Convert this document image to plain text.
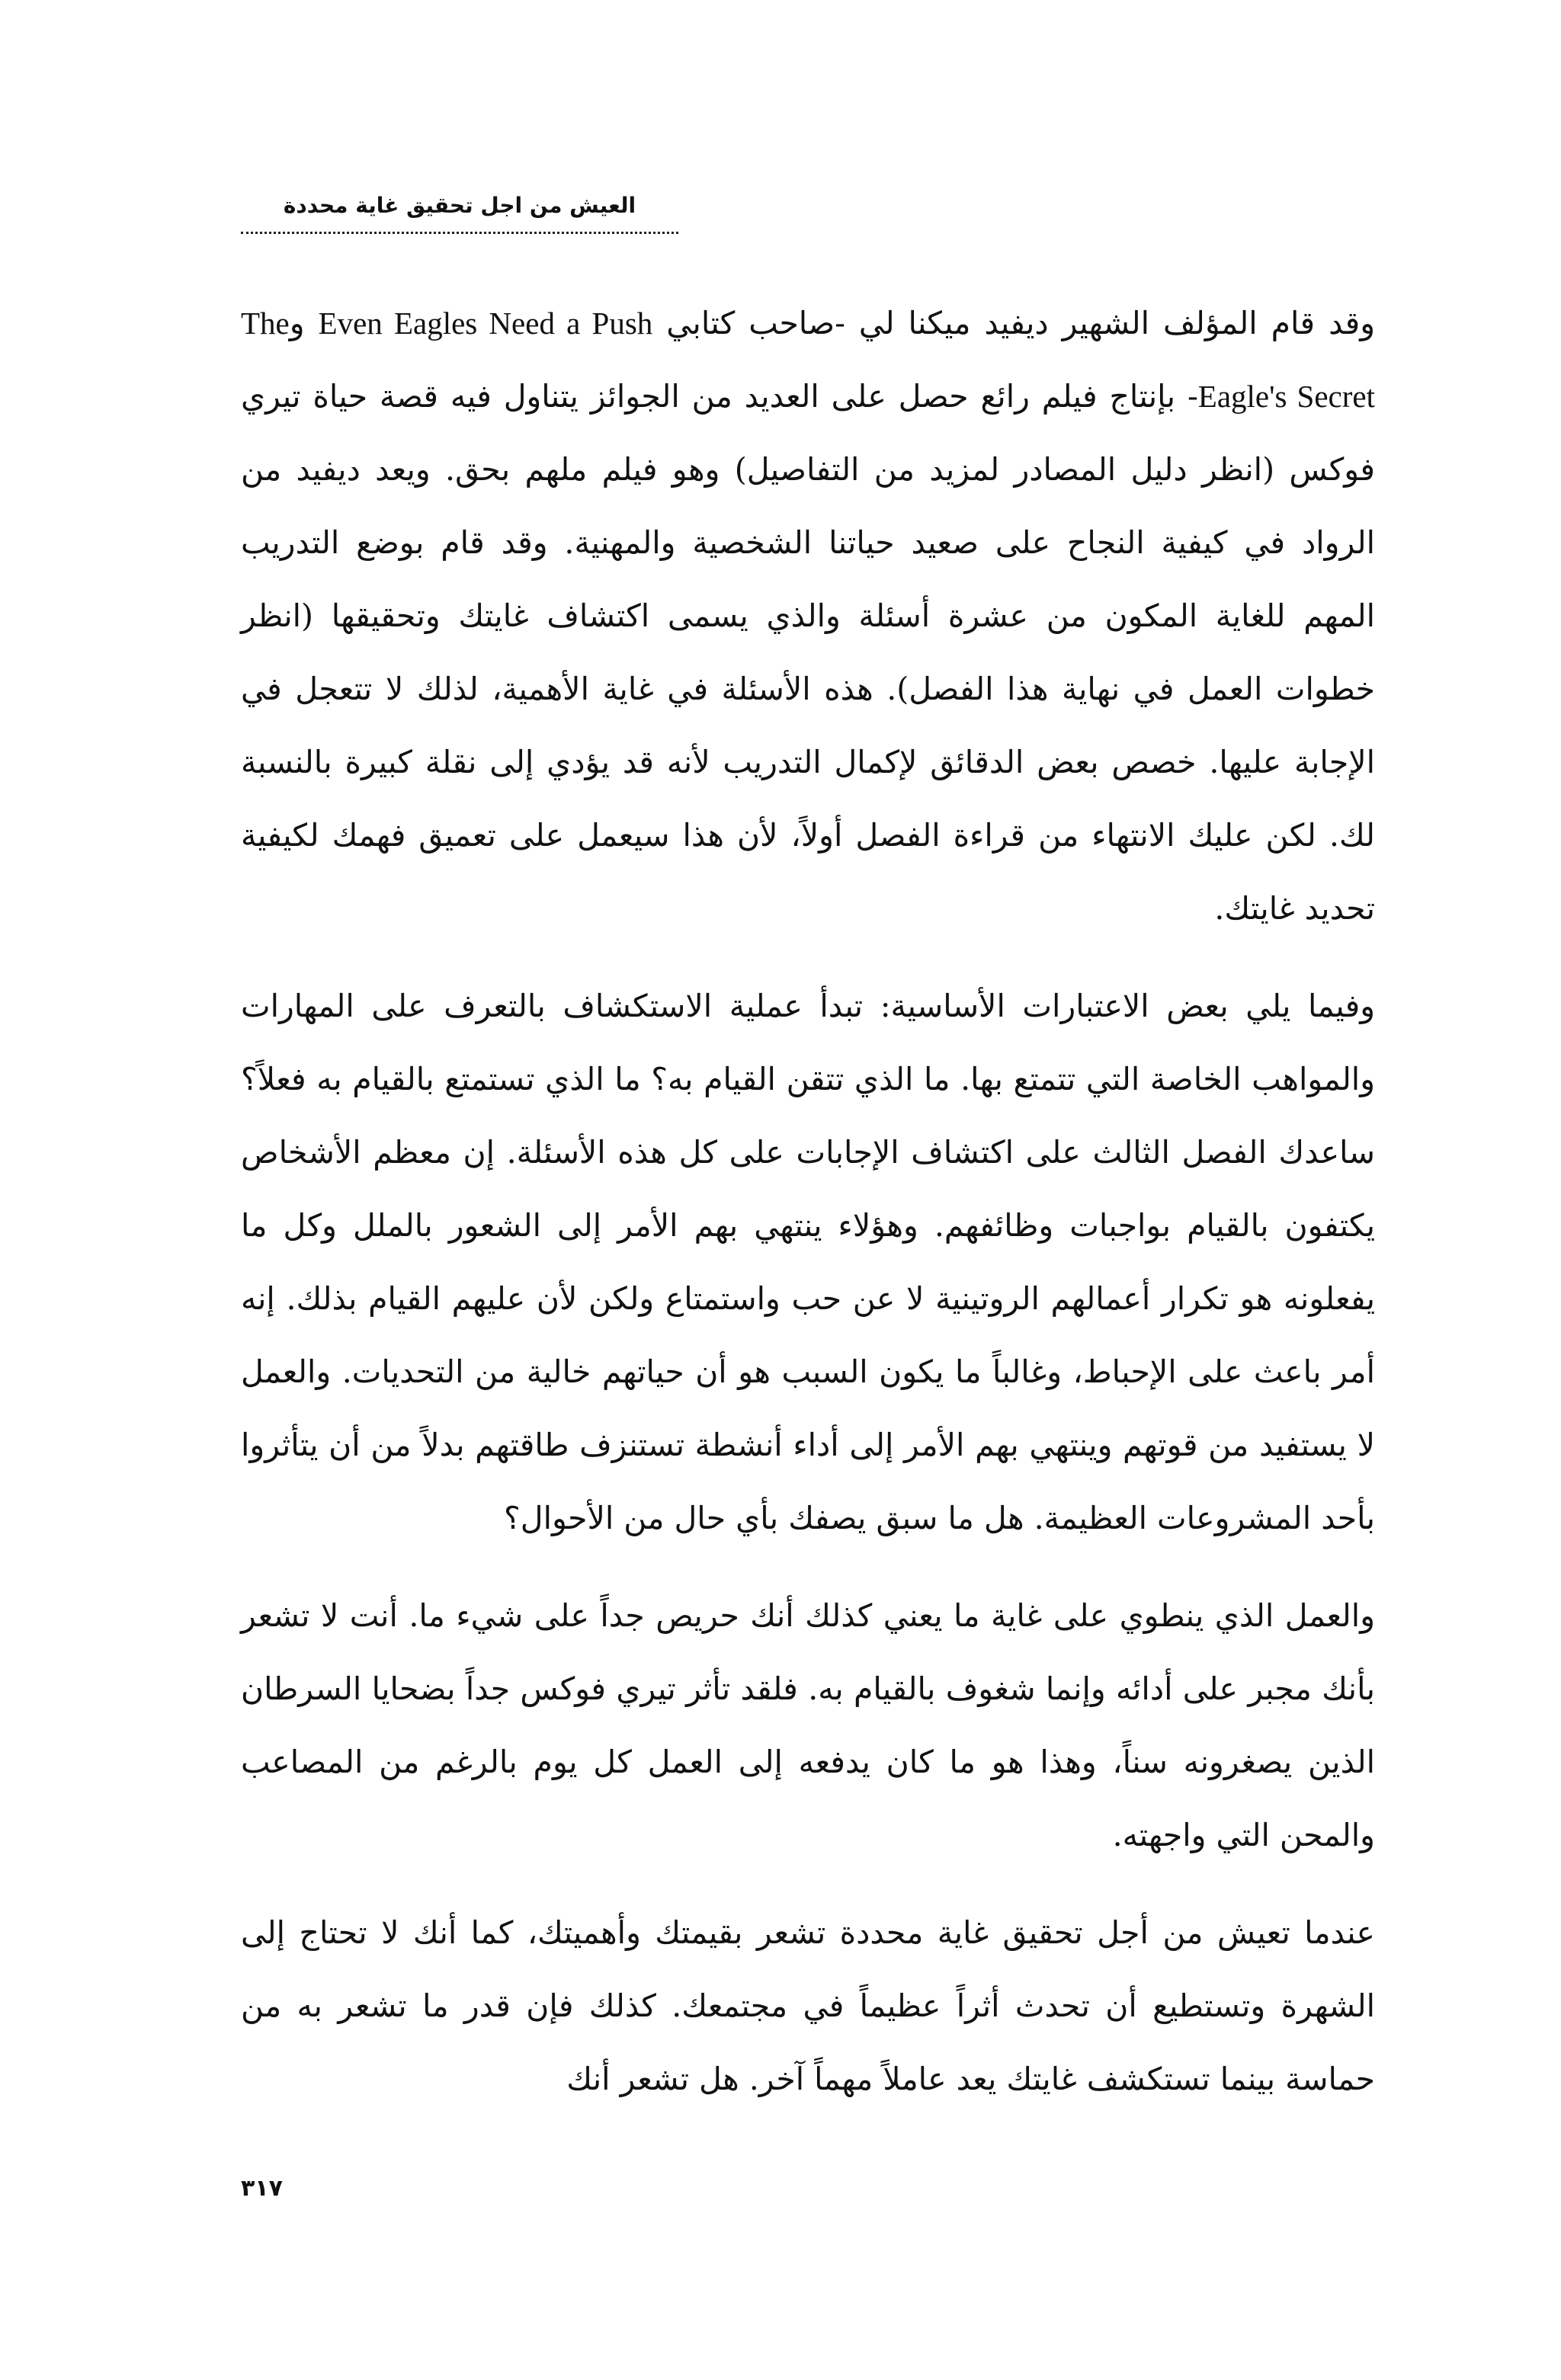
العيش من اجل تحقيق غاية محددة

وقد قام المؤلف الشهير ديفيد ميكنا لي -صاحب كتابي Even Eagles Need a Push وThe Eagle's Secret- بإنتاج فيلم رائع حصل على العديد من الجوائز يتناول فيه قصة حياة تيري فوكس (انظر دليل المصادر لمزيد من التفاصيل) وهو فيلم ملهم بحق. ويعد ديفيد من الرواد في كيفية النجاح على صعيد حياتنا الشخصية والمهنية. وقد قام بوضع التدريب المهم للغاية المكون من عشرة أسئلة والذي يسمى اكتشاف غايتك وتحقيقها (انظر خطوات العمل في نهاية هذا الفصل). هذه الأسئلة في غاية الأهمية، لذلك لا تتعجل في الإجابة عليها. خصص بعض الدقائق لإكمال التدريب لأنه قد يؤدي إلى نقلة كبيرة بالنسبة لك. لكن عليك الانتهاء من قراءة الفصل أولاً، لأن هذا سيعمل على تعميق فهمك لكيفية تحديد غايتك.

وفيما يلي بعض الاعتبارات الأساسية: تبدأ عملية الاستكشاف بالتعرف على المهارات والمواهب الخاصة التي تتمتع بها. ما الذي تتقن القيام به؟ ما الذي تستمتع بالقيام به فعلاً؟ ساعدك الفصل الثالث على اكتشاف الإجابات على كل هذه الأسئلة. إن معظم الأشخاص يكتفون بالقيام بواجبات وظائفهم. وهؤلاء ينتهي بهم الأمر إلى الشعور بالملل وكل ما يفعلونه هو تكرار أعمالهم الروتينية لا عن حب واستمتاع ولكن لأن عليهم القيام بذلك. إنه أمر باعث على الإحباط، وغالباً ما يكون السبب هو أن حياتهم خالية من التحديات. والعمل لا يستفيد من قوتهم وينتهي بهم الأمر إلى أداء أنشطة تستنزف طاقتهم بدلاً من أن يتأثروا بأحد المشروعات العظيمة. هل ما سبق يصفك بأي حال من الأحوال؟

والعمل الذي ينطوي على غاية ما يعني كذلك أنك حريص جداً على شيء ما. أنت لا تشعر بأنك مجبر على أدائه وإنما شغوف بالقيام به. فلقد تأثر تيري فوكس جداً بضحايا السرطان الذين يصغرونه سناً، وهذا هو ما كان يدفعه إلى العمل كل يوم بالرغم من المصاعب والمحن التي واجهته.

عندما تعيش من أجل تحقيق غاية محددة تشعر بقيمتك وأهميتك، كما أنك لا تحتاج إلى الشهرة وتستطيع أن تحدث أثراً عظيماً في مجتمعك. كذلك فإن قدر ما تشعر به من حماسة بينما تستكشف غايتك يعد عاملاً مهماً آخر. هل تشعر أنك

٣١٧
